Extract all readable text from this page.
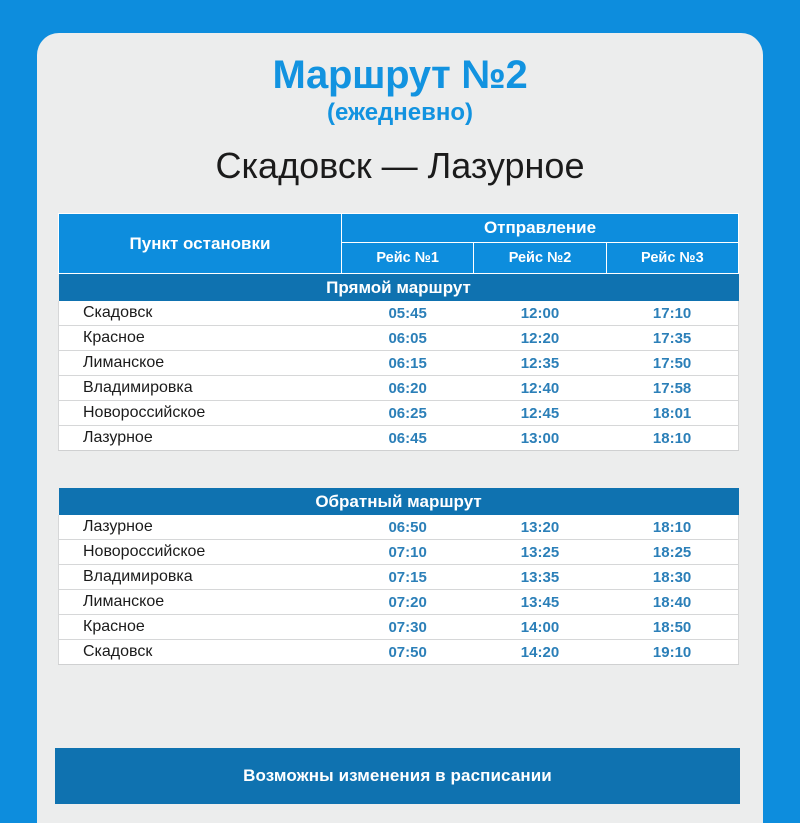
Маршрут №2
(ежедневно)
Скадовск — Лазурное
Пункт остановки	Отправление		
	Рейс №1	Рейс №2	Рейс №3
Прямой маршрут			
Скадовск	05:45	12:00	17:10
Красное	06:05	12:20	17:35
Лиманское	06:15	12:35	17:50
Владимировка	06:20	12:40	17:58
Новороссийское	06:25	12:45	18:01
Лазурное	06:45	13:00	18:10
Обратный маршрут			
Лазурное	06:50	13:20	18:10
Новороссийское	07:10	13:25	18:25
Владимировка	07:15	13:35	18:30
Лиманское	07:20	13:45	18:40
Красное	07:30	14:00	18:50
Скадовск	07:50	14:20	19:10
Возможны изменения в расписании
